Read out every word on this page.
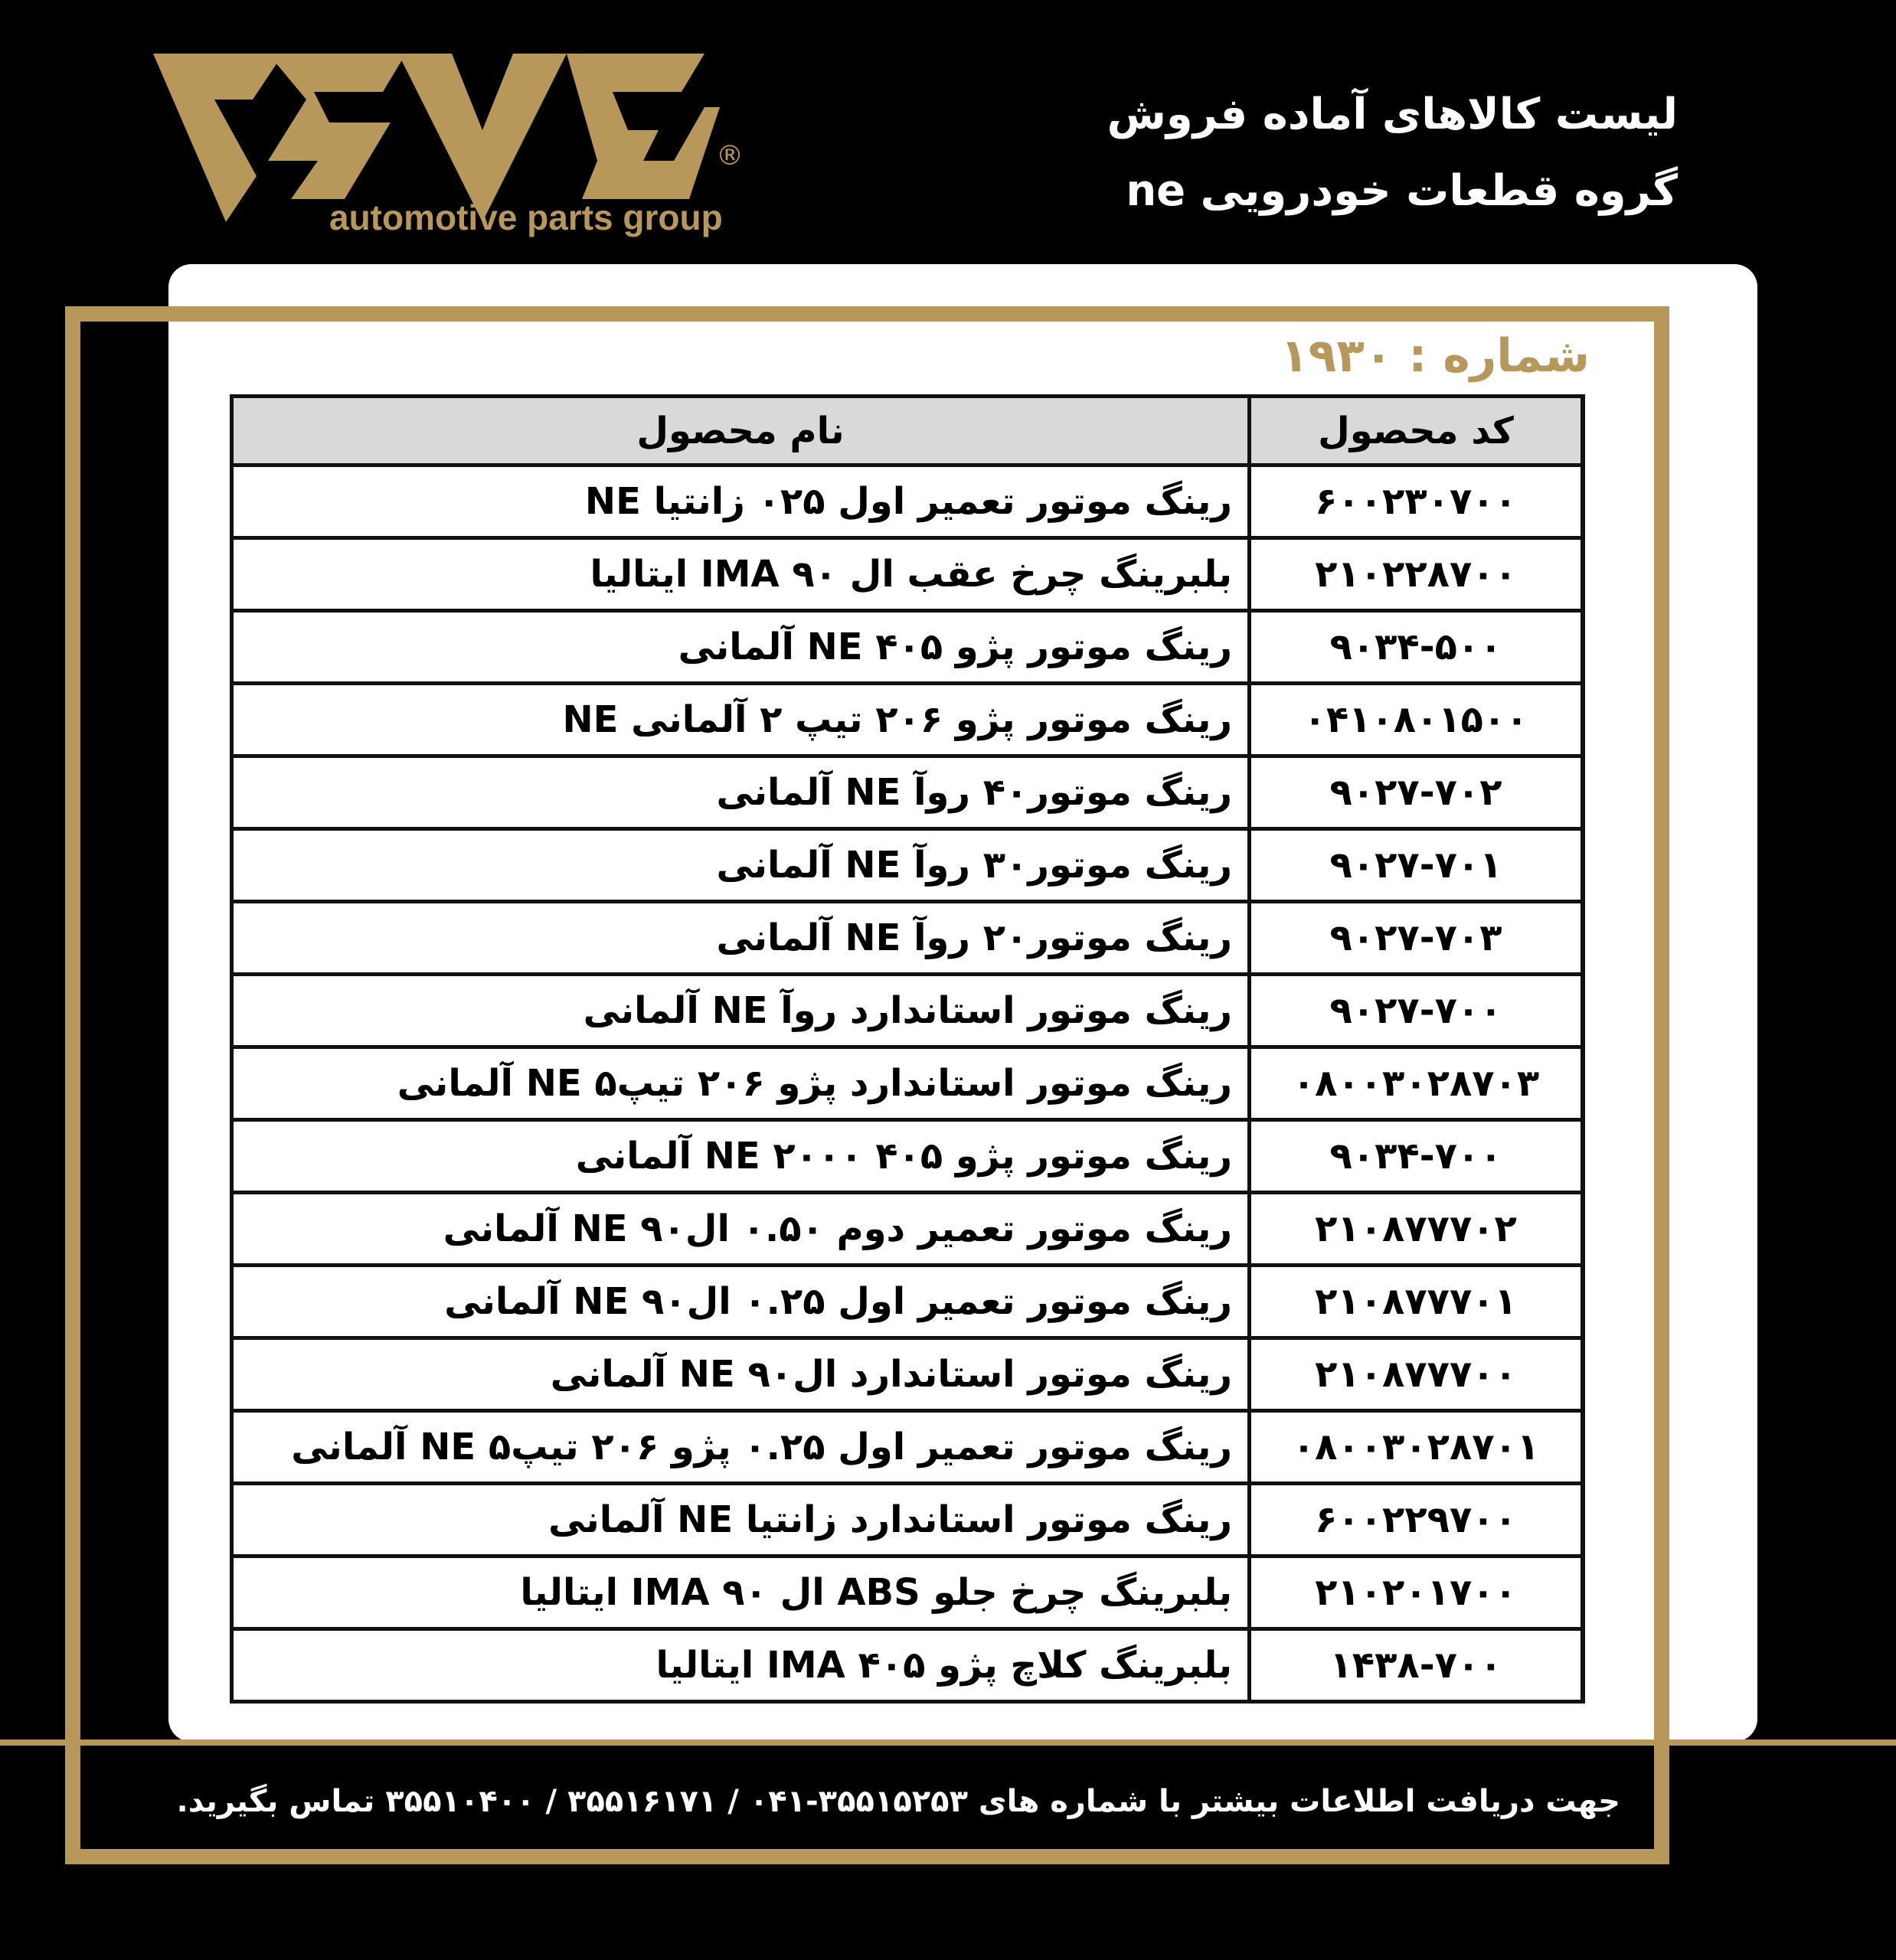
®
automotive parts group
لیست کالاهای آماده فروش
گروه قطعات خودرویی ne
شماره : ۱۹۳۰
کد محصول	نام محصول
۶۰۰۲۳۰۷۰۰	رینگ موتور تعمیر اول ۰۲۵ زانتیا NE
۲۱۰۲۲۸۷۰۰	بلبرینگ چرخ عقب ال ۹۰ IMA ایتالیا
۹۰۳۴-۵۰۰	رینگ موتور پژو ۴۰۵ NE آلمانی
۰۴۱۰۸۰۱۵۰۰	رینگ موتور پژو ۲۰۶ تیپ ۲ آلمانی NE
۹۰۲۷-۷۰۲	رینگ موتور۴۰ روآ NE آلمانی
۹۰۲۷-۷۰۱	رینگ موتور۳۰ روآ NE آلمانی
۹۰۲۷-۷۰۳	رینگ موتور۲۰ روآ NE آلمانی
۹۰۲۷-۷۰۰	رینگ موتور استاندارد روآ NE آلمانی
۰۸۰۰۳۰۲۸۷۰۳	رینگ موتور استاندارد پژو ۲۰۶ تیپ۵ NE آلمانی
۹۰۳۴-۷۰۰	رینگ موتور پژو ۴۰۵ ۲۰۰۰ NE آلمانی
۲۱۰۸۷۷۷۰۲	رینگ موتور تعمیر دوم ۰.۵۰ ال۹۰ NE آلمانی
۲۱۰۸۷۷۷۰۱	رینگ موتور تعمیر اول ۰.۲۵ ال۹۰ NE آلمانی
۲۱۰۸۷۷۷۰۰	رینگ موتور استاندارد ال۹۰ NE آلمانی
۰۸۰۰۳۰۲۸۷۰۱	رینگ موتور تعمیر اول ۰.۲۵ پژو ۲۰۶ تیپ۵ NE آلمانی
۶۰۰۲۲۹۷۰۰	رینگ موتور استاندارد زانتیا NE آلمانی
۲۱۰۲۰۱۷۰۰	بلبرینگ چرخ جلو ABS ال ۹۰ IMA ایتالیا
۱۴۳۸-۷۰۰	بلبرینگ کلاچ پژو ۴۰۵ IMA ایتالیا
جهت دریافت اطلاعات بیشتر با شماره های ۳۵۵۱۵۲۵۳-۰۴۱ / ۳۵۵۱۶۱۷۱ / ۳۵۵۱۰۴۰۰ تماس بگیرید.
